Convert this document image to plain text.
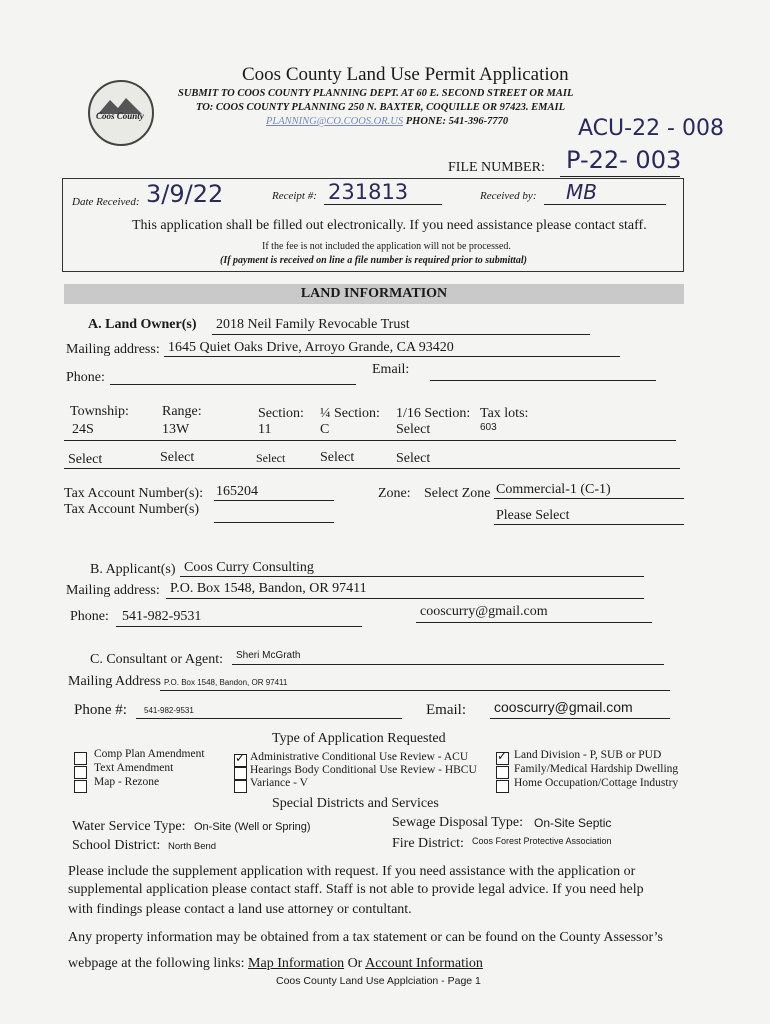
Coos County
Coos County Land Use Permit Application
SUBMIT TO COOS COUNTY PLANNING DEPT. AT 60 E. SECOND STREET OR MAIL
TO: COOS COUNTY PLANNING 250 N. BAXTER, COQUILLE OR 97423. EMAIL
PLANNING@CO.COOS.OR.US PHONE: 541-396-7770	ACU-22 - 008
FILE NUMBER: P-22- 003
Date Received: 3/9/22	Receipt #: 231813	Received by: MB
This application shall be filled out electronically. If you need assistance please contact staff.
If the fee is not included the application will not be processed.
(If payment is received on line a file number is required prior to submittal)
LAND INFORMATION
A. Land Owner(s) 2018 Neil Family Revocable Trust
Mailing address: 1645 Quiet Oaks Drive, Arroyo Grande, CA 93420
Email:
Phone:
Township: Range:	Section: ¼ Section: 1/16 Section: Tax lots:
24S	13W	11	C	Select	603
Select	Select	Select Select	Select
Tax Account Number(s): 165204
Tax Account Number(s)
Zone: Select Zone Commercial-1 (C-1)
Please Select
B. Applicant(s) Coos Curry Consulting
Mailing address: P.O. Box 1548, Bandon, OR 97411
Phone: 541-982-9531	cooscurry@gmail.com
C. Consultant or Agent: Sheri McGrath
Mailing Address P.O. Box 1548, Bandon, OR 97411
Phone #: 541-982-9531	Email: cooscurry@gmail.com
Type of Application Requested
Comp Plan Amendment
Text Amendment
Map - Rezone
✓
Administrative Conditional Use Review - ACU
Hearings Body Conditional Use Review - HBCU
Variance - V
✓
Land Division - P, SUB or PUD
Family/Medical Hardship Dwelling
Home Occupation/Cottage Industry
Special Districts and Services
Water Service Type: On-Site (Well or Spring)	Sewage Disposal Type: On-Site Septic
School District: North Bend	Fire District: Coos Forest Protective Association
Please include the supplement application with request. If you need assistance with the application or
supplemental application please contact staff. Staff is not able to provide legal advice. If you need help
with findings please contact a land use attorney or contultant.
Any property information may be obtained from a tax statement or can be found on the County Assessor’s
webpage at the following links: Map Information Or Account Information
Coos County Land Use Applciation - Page 1
